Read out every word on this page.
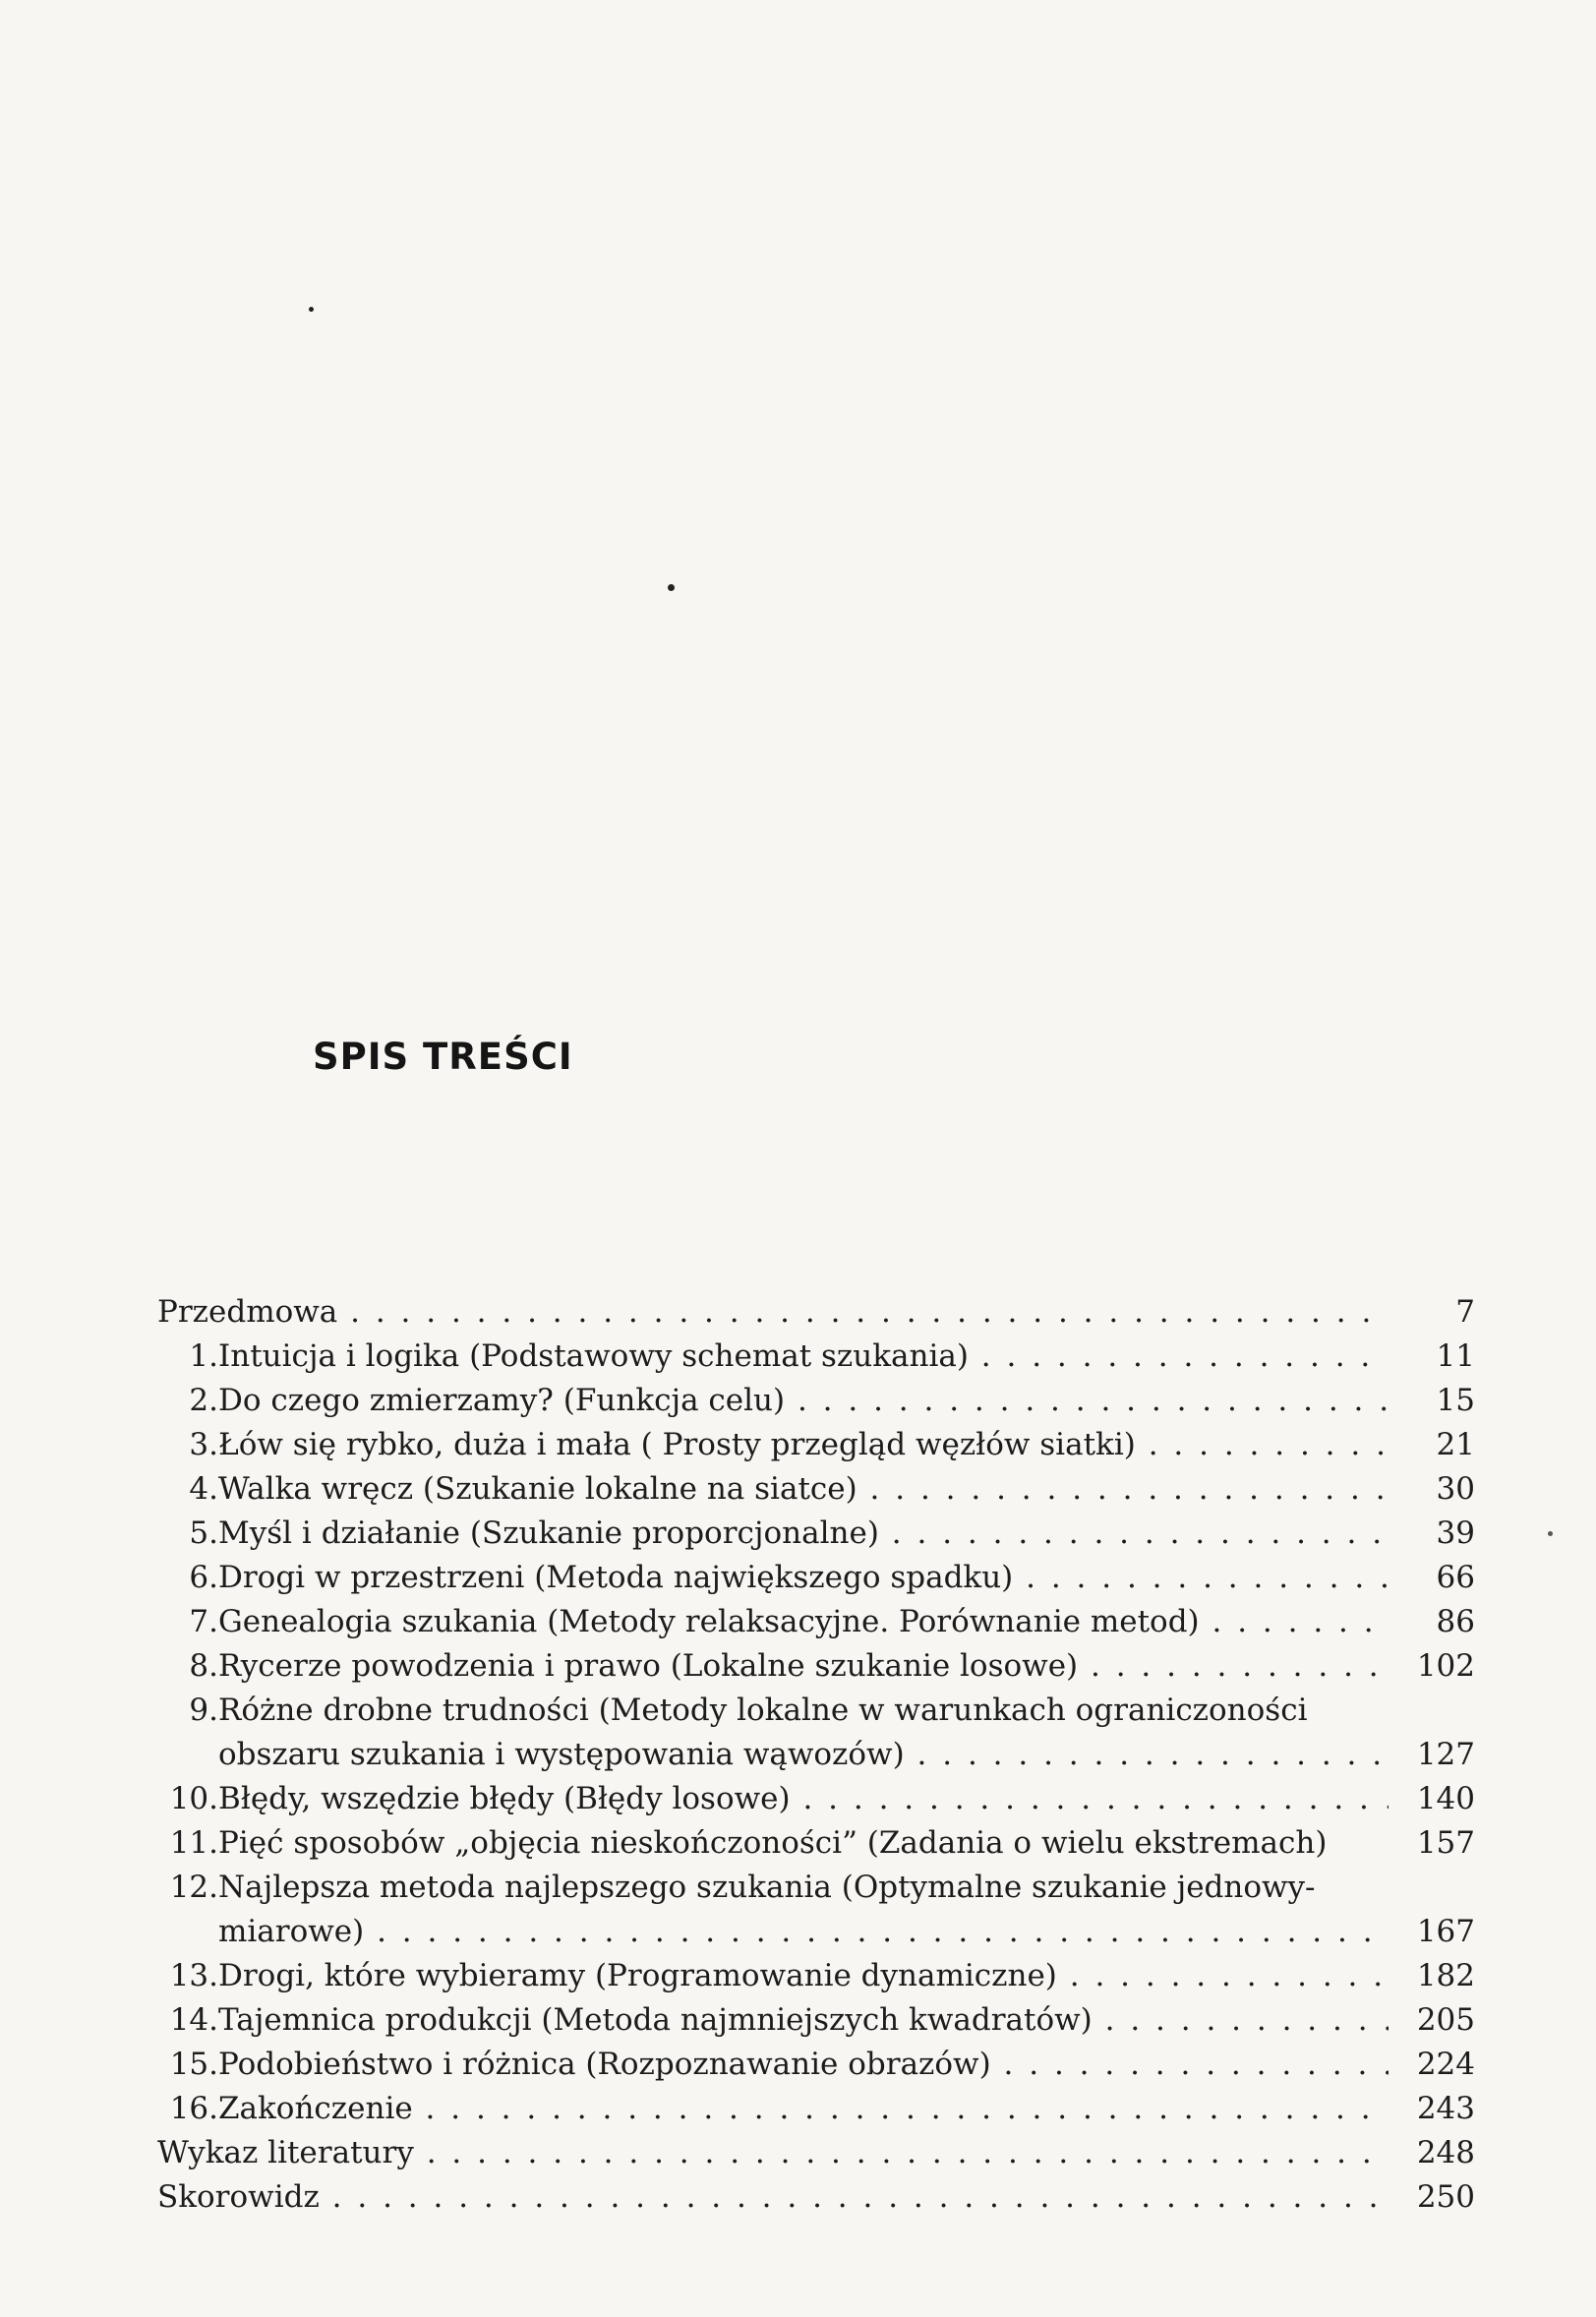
SPIS TREŚCI
Przedmowa . . .	7
1. Intuicja i logika (Podstawowy schemat szukania) . . .	11
2. Do czego zmierzamy? (Funkcja celu) . . .	15
3. Łów się rybko, duża i mała ( Prosty przegląd węzłów siatki) . . .	21
4. Walka wręcz (Szukanie lokalne na siatce) . . .	30
5. Myśl i działanie (Szukanie proporcjonalne) . . .	39
6. Drogi w przestrzeni (Metoda największego spadku) . . .	66
7. Genealogia szukania (Metody relaksacyjne. Porównanie metod) . . .	86
8. Rycerze powodzenia i prawo (Lokalne szukanie losowe) . . .	102
9. Różne drobne trudności (Metody lokalne w warunkach ograniczoności
obszaru szukania i występowania wąwozów) . . .	127
10. Błędy, wszędzie błędy (Błędy losowe) . . .	140
11. Pięć sposobów „objęcia nieskończoności” (Zadania o wielu ekstremach)	157
12. Najlepsza metoda najlepszego szukania (Optymalne szukanie jednowy-
miarowe) . . .	167
13. Drogi, które wybieramy (Programowanie dynamiczne) . . .	182
14. Tajemnica produkcji (Metoda najmniejszych kwadratów) . . .	205
15. Podobieństwo i różnica (Rozpoznawanie obrazów) . . .	224
16. Zakończenie . . .	243
Wykaz literatury . . .	248
Skorowidz . . .	250
